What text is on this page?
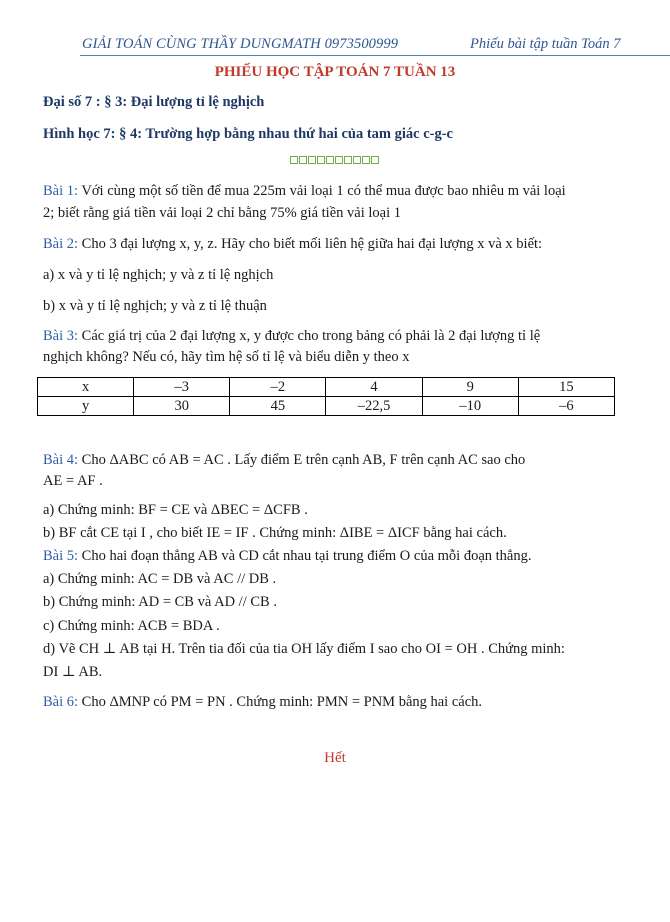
GIẢI TOÁN CÙNG THẦY DUNGMATH 0973500999	Phiếu bài tập tuần Toán 7
PHIẾU HỌC TẬP TOÁN 7 TUẦN 13
Đại số 7 : § 3: Đại lượng tỉ lệ nghịch
Hình học 7: § 4: Trường hợp bằng nhau thứ hai của tam giác c-g-c
Bài 1: Với cùng một số tiền để mua 225m vải loại 1 có thể mua được bao nhiêu m vải loại
2; biết rằng giá tiền vải loại 2 chỉ bằng 75% giá tiền vải loại 1
Bài 2: Cho 3 đại lượng x, y, z. Hãy cho biết mối liên hệ giữa hai đại lượng x và x biết:
a) x và y tỉ lệ nghịch; y và z tỉ lệ nghịch
b) x và y tỉ lệ nghịch; y và z tỉ lệ thuận
Bài 3: Các giá trị của 2 đại lượng x, y được cho trong bảng có phải là 2 đại lượng tỉ lệ
nghịch không? Nếu có, hãy tìm hệ số tỉ lệ và biểu diễn y theo x
x	–3	–2	4	9	15
y	30	45	–22,5	–10	–6
Bài 4: Cho ΔABC có AB = AC . Lấy điểm E trên cạnh AB, F trên cạnh AC sao cho
AE = AF .
a) Chứng minh: BF = CE và ΔBEC = ΔCFB .
b) BF cắt CE tại I , cho biết IE = IF . Chứng minh: ΔIBE = ΔICF bằng hai cách.
Bài 5: Cho hai đoạn thẳng AB và CD cắt nhau tại trung điểm O của mỗi đoạn thẳng.
a) Chứng minh: AC = DB và AC // DB .
b) Chứng minh: AD = CB và AD // CB .
c) Chứng minh: ACB = BDA .
d) Vẽ CH ⊥ AB tại H. Trên tia đối của tia OH lấy điểm I sao cho OI = OH . Chứng minh:
DI ⊥ AB.
Bài 6: Cho ΔMNP có PM = PN . Chứng minh: PMN = PNM bằng hai cách.
Hết
